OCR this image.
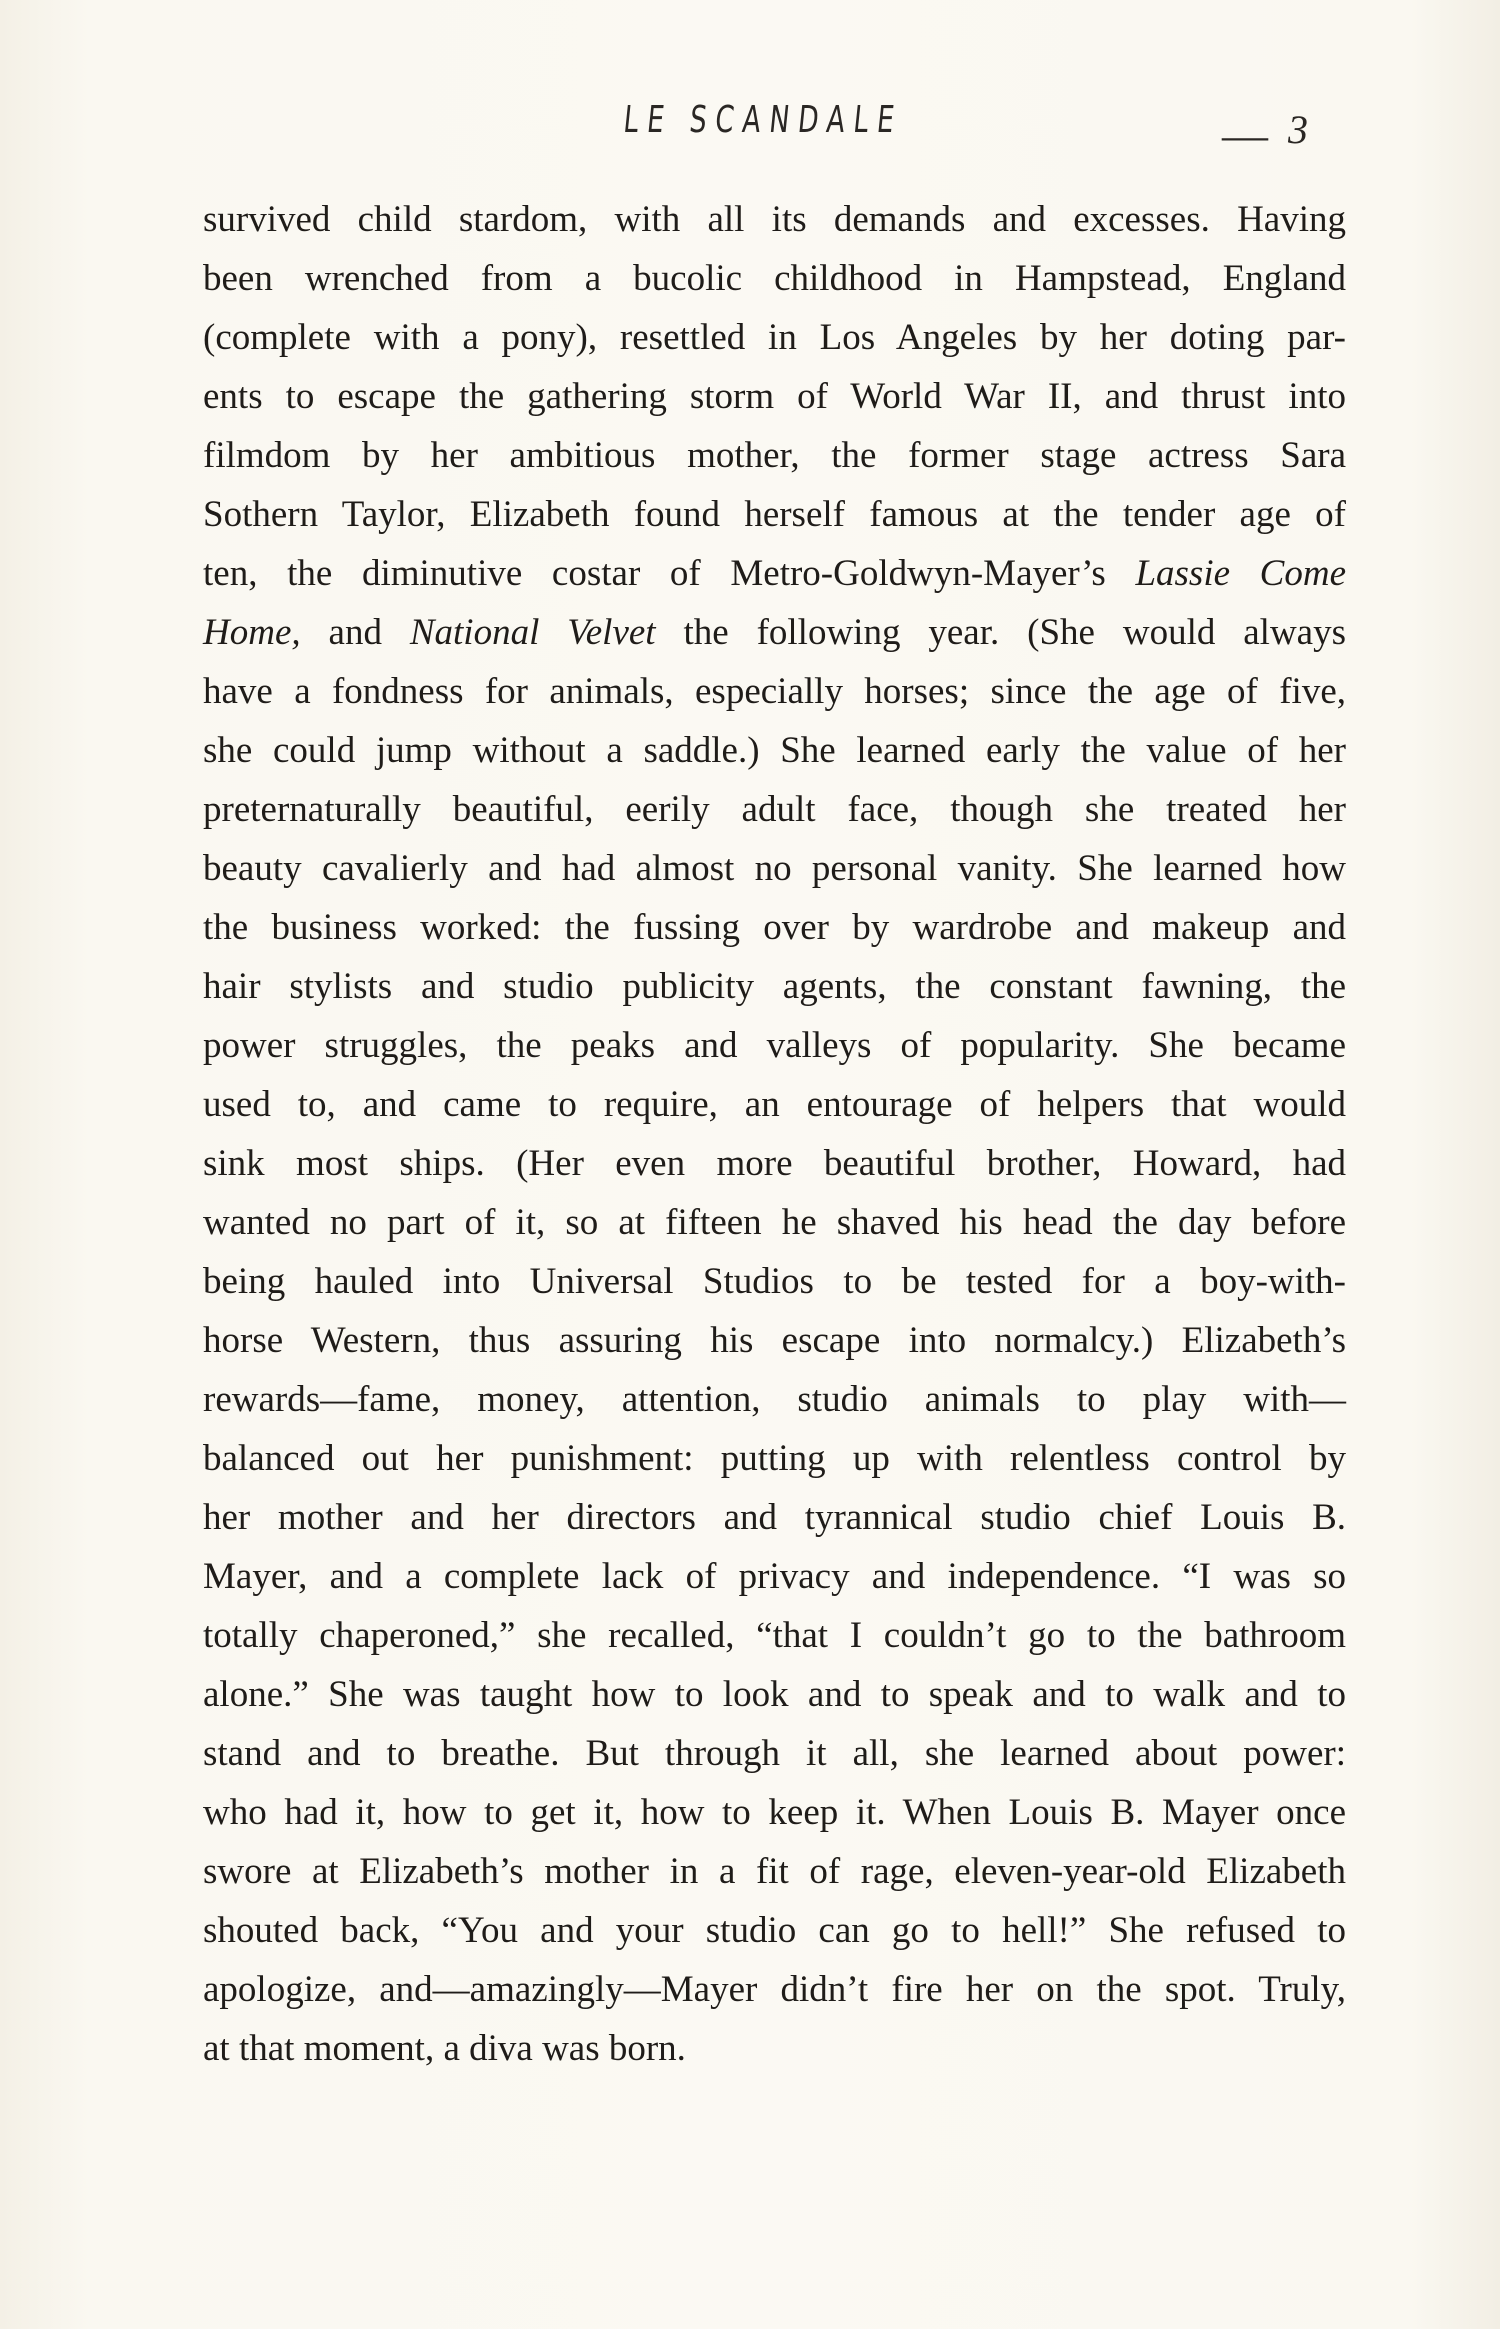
LE SCANDALE	— 3
survived child stardom, with all its demands and excesses. Having
been wrenched from a bucolic childhood in Hampstead, England
(complete with a pony), resettled in Los Angeles by her doting par-
ents to escape the gathering storm of World War II, and thrust into
filmdom by her ambitious mother, the former stage actress Sara
Sothern Taylor, Elizabeth found herself famous at the tender age of
ten, the diminutive costar of Metro-Goldwyn-Mayer’s Lassie Come
Home, and National Velvet the following year. (She would always
have a fondness for animals, especially horses; since the age of five,
she could jump without a saddle.) She learned early the value of her
preternaturally beautiful, eerily adult face, though she treated her
beauty cavalierly and had almost no personal vanity. She learned how
the business worked: the fussing over by wardrobe and makeup and
hair stylists and studio publicity agents, the constant fawning, the
power struggles, the peaks and valleys of popularity. She became
used to, and came to require, an entourage of helpers that would
sink most ships. (Her even more beautiful brother, Howard, had
wanted no part of it, so at fifteen he shaved his head the day before
being hauled into Universal Studios to be tested for a boy-with-
horse Western, thus assuring his escape into normalcy.) Elizabeth’s
rewards—fame, money, attention, studio animals to play with—
balanced out her punishment: putting up with relentless control by
her mother and her directors and tyrannical studio chief Louis B.
Mayer, and a complete lack of privacy and independence. “I was so
totally chaperoned,” she recalled, “that I couldn’t go to the bathroom
alone.” She was taught how to look and to speak and to walk and to
stand and to breathe. But through it all, she learned about power:
who had it, how to get it, how to keep it. When Louis B. Mayer once
swore at Elizabeth’s mother in a fit of rage, eleven-year-old Elizabeth
shouted back, “You and your studio can go to hell!” She refused to
apologize, and—amazingly—Mayer didn’t fire her on the spot. Truly,
at that moment, a diva was born.
